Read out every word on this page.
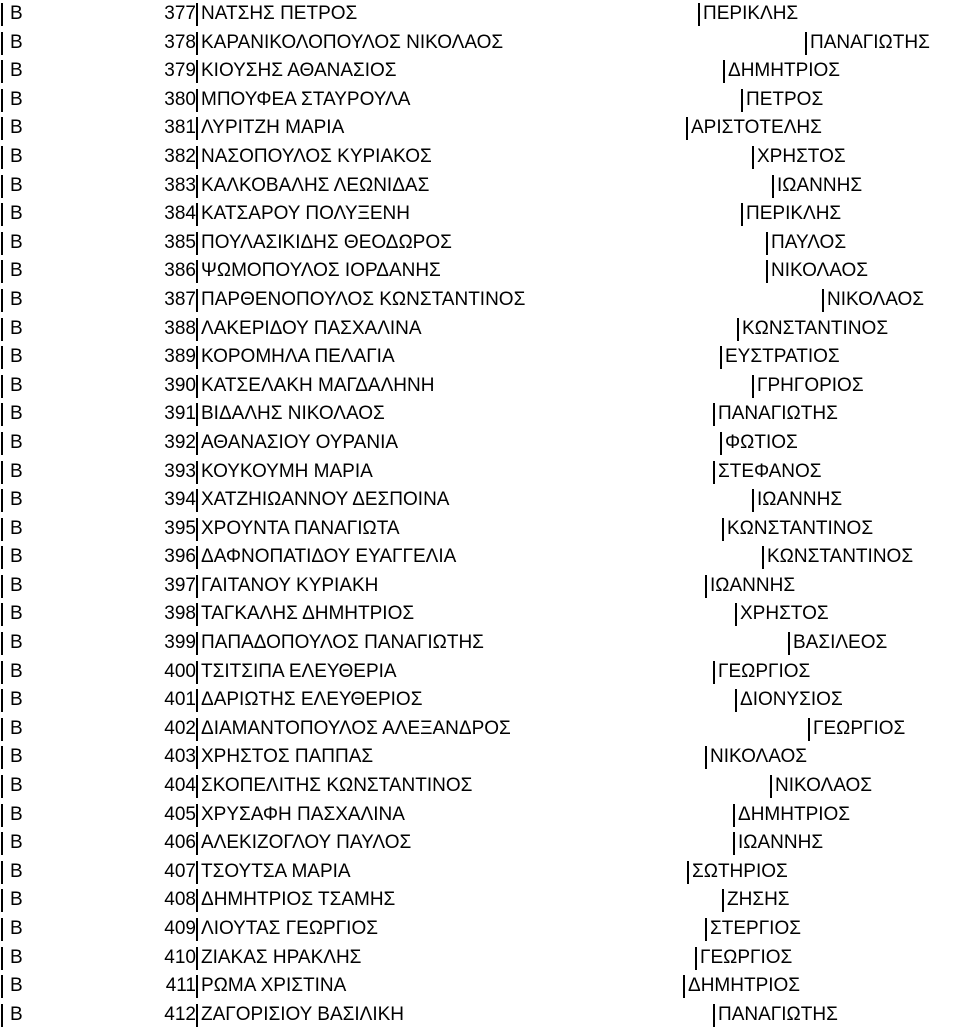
Β	377 ΝΑΤΣΗΣ ΠΕΤΡΟΣ	ΠΕΡΙΚΛΗΣ
Β	378 ΚΑΡΑΝΙΚΟΛΟΠΟΥΛΟΣ ΝΙΚΟΛΑΟΣ	ΠΑΝΑΓΙΩΤΗΣ
Β	379 ΚΙΟΥΣΗΣ ΑΘΑΝΑΣΙΟΣ	ΔΗΜΗΤΡΙΟΣ
Β	380 ΜΠΟΥΦΕΑ ΣΤΑΥΡΟΥΛΑ	ΠΕΤΡΟΣ
Β	381 ΛΥΡΙΤΖΗ ΜΑΡΙΑ	ΑΡΙΣΤΟΤΕΛΗΣ
Β	382 ΝΑΣΟΠΟΥΛΟΣ ΚΥΡΙΑΚΟΣ	ΧΡΗΣΤΟΣ
Β	383 ΚΑΛΚΟΒΑΛΗΣ ΛΕΩΝΙΔΑΣ	ΙΩΑΝΝΗΣ
Β	384 ΚΑΤΣΑΡΟΥ ΠΟΛΥΞΕΝΗ	ΠΕΡΙΚΛΗΣ
Β	385 ΠΟΥΛΑΣΙΚΙΔΗΣ ΘΕΟΔΩΡΟΣ	ΠΑΥΛΟΣ
Β	386 ΨΩΜΟΠΟΥΛΟΣ ΙΟΡΔΑΝΗΣ	ΝΙΚΟΛΑΟΣ
Β	387 ΠΑΡΘΕΝΟΠΟΥΛΟΣ ΚΩΝΣΤΑΝΤΙΝΟΣ	ΝΙΚΟΛΑΟΣ
Β	388 ΛΑΚΕΡΙΔΟΥ ΠΑΣΧΑΛΙΝΑ	ΚΩΝΣΤΑΝΤΙΝΟΣ
Β	389 ΚΟΡΟΜΗΛΑ ΠΕΛΑΓΙΑ	ΕΥΣΤΡΑΤΙΟΣ
Β	390 ΚΑΤΣΕΛΑΚΗ ΜΑΓΔΑΛΗΝΗ	ΓΡΗΓΟΡΙΟΣ
Β	391 ΒΙΔΑΛΗΣ ΝΙΚΟΛΑΟΣ	ΠΑΝΑΓΙΩΤΗΣ
Β	392 ΑΘΑΝΑΣΙΟΥ ΟΥΡΑΝΙΑ	ΦΩΤΙΟΣ
Β	393 ΚΟΥΚΟΥΜΗ ΜΑΡΙΑ	ΣΤΕΦΑΝΟΣ
Β	394 ΧΑΤΖΗΙΩΑΝΝΟΥ ΔΕΣΠΟΙΝΑ	ΙΩΑΝΝΗΣ
Β	395 ΧΡΟΥΝΤΑ ΠΑΝΑΓΙΩΤΑ	ΚΩΝΣΤΑΝΤΙΝΟΣ
Β	396 ΔΑΦΝΟΠΑΤΙΔΟΥ ΕΥΑΓΓΕΛΙΑ	ΚΩΝΣΤΑΝΤΙΝΟΣ
Β	397 ΓΑΙΤΑΝΟΥ ΚΥΡΙΑΚΗ	ΙΩΑΝΝΗΣ
Β	398 ΤΑΓΚΑΛΗΣ ΔΗΜΗΤΡΙΟΣ	ΧΡΗΣΤΟΣ
Β	399 ΠΑΠΑΔΟΠΟΥΛΟΣ ΠΑΝΑΓΙΩΤΗΣ	ΒΑΣΙΛΕΟΣ
Β	400 ΤΣΙΤΣΙΠΑ ΕΛΕΥΘΕΡΙΑ	ΓΕΩΡΓΙΟΣ
Β	401 ΔΑΡΙΩΤΗΣ ΕΛΕΥΘΕΡΙΟΣ	ΔΙΟΝΥΣΙΟΣ
Β	402 ΔΙΑΜΑΝΤΟΠΟΥΛΟΣ ΑΛΕΞΑΝΔΡΟΣ	ΓΕΩΡΓΙΟΣ
Β	403 ΧΡΗΣΤΟΣ ΠΑΠΠΑΣ	ΝΙΚΟΛΑΟΣ
Β	404 ΣΚΟΠΕΛΙΤΗΣ ΚΩΝΣΤΑΝΤΙΝΟΣ	ΝΙΚΟΛΑΟΣ
Β	405 ΧΡΥΣΑΦΗ ΠΑΣΧΑΛΙΝΑ	ΔΗΜΗΤΡΙΟΣ
Β	406 ΑΛΕΚΙΖΟΓΛΟΥ ΠΑΥΛΟΣ	ΙΩΑΝΝΗΣ
Β	407 ΤΣΟΥΤΣΑ ΜΑΡΙΑ	ΣΩΤΗΡΙΟΣ
Β	408 ΔΗΜΗΤΡΙΟΣ ΤΣΑΜΗΣ	ΖΗΣΗΣ
Β	409 ΛΙΟΥΤΑΣ ΓΕΩΡΓΙΟΣ	ΣΤΕΡΓΙΟΣ
Β	410 ΖΙΑΚΑΣ ΗΡΑΚΛΗΣ	ΓΕΩΡΓΙΟΣ
Β	411 ΡΩΜΑ ΧΡΙΣΤΙΝΑ	ΔΗΜΗΤΡΙΟΣ
Β	412 ΖΑΓΟΡΙΣΙΟΥ ΒΑΣΙΛΙΚΗ	ΠΑΝΑΓΙΩΤΗΣ
